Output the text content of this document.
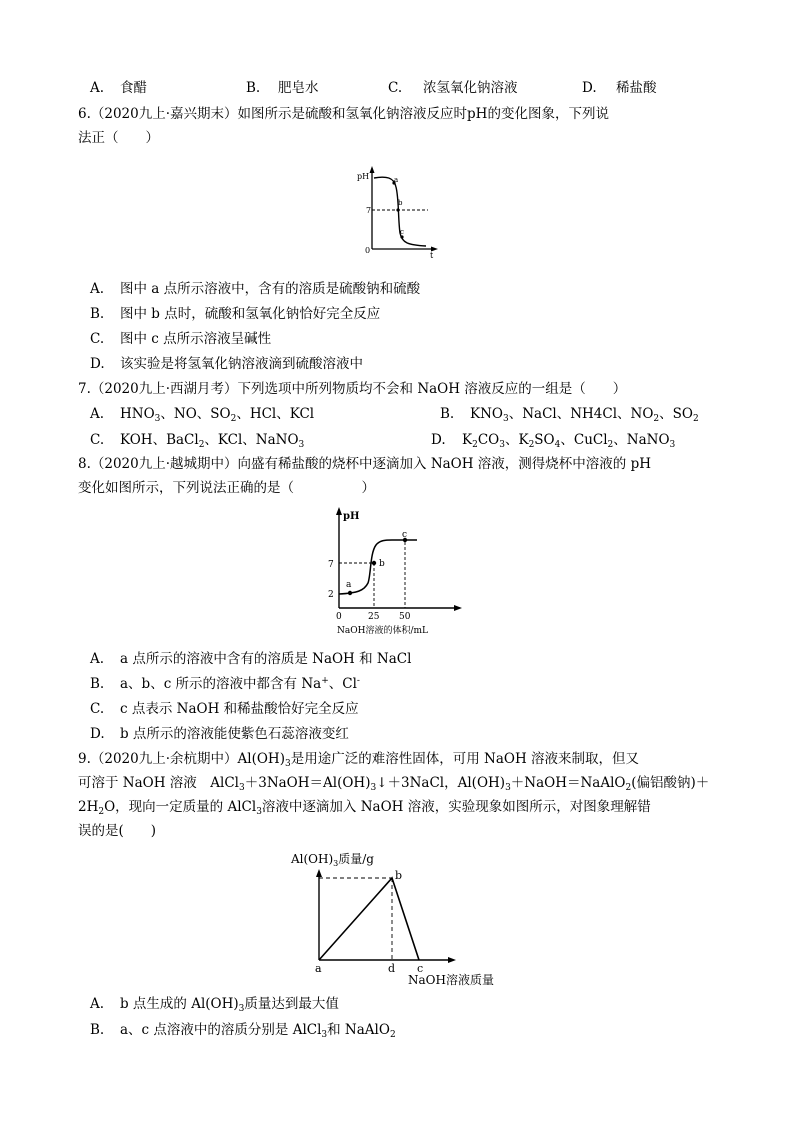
A. 食醋	B. 肥皂水	C. 浓氢氧化钠溶液	D. 稀盐酸
6.（2020九上·嘉兴期末）如图所示是硫酸和氢氧化钠溶液反应时pH的变化图象，下列说
法正（　　）
pH
7
0
t
a
b
c
A. 图中 a 点所示溶液中，含有的溶质是硫酸钠和硫酸
B. 图中 b 点时，硫酸和氢氧化钠恰好完全反应
C. 图中 c 点所示溶液呈碱性
D. 该实验是将氢氧化钠溶液滴到硫酸溶液中
7.（2020九上·西湖月考）下列选项中所列物质均不会和 NaOH 溶液反应的一组是（　　）
A. $HNO_3$、NO、$SO_2$、HCl、KCl	B. $KNO_3$、NaCl、NH4Cl、$NO_2$、$SO_2$
C. KOH、BaCl$_2$、KCl、NaNO$_3$	D. $K_2CO_3$、$K_2SO_4$、CuCl$_2$、NaNO$_3$
8.（2020九上·越城期中）向盛有稀盐酸的烧杯中逐滴加入 NaOH 溶液，测得烧杯中溶液的 pH
变化如图所示，下列说法正确的是（　　　　　）
pH
7
2
0	25 50
NaOH溶液的体积/mL
a
b
c
A. a 点所示的溶液中含有的溶质是 NaOH 和 NaCl
B. a、b、c 所示的溶液中都含有 Na+、Cl-
C. c 点表示 NaOH 和稀盐酸恰好完全反应
D. b 点所示的溶液能使紫色石蕊溶液变红
9.（2020九上·余杭期中）$Al(OH)_3$是用途广泛的难溶性固体，可用 NaOH 溶液来制取，但又
可溶于 NaOH 溶液　$AlCl_3+3NaOH=Al(OH)_3↓+3NaCl$，$Al(OH)_3+NaOH=NaAlO_2$(偏铝酸钠)＋
$2H_2O$，现向一定质量的 AlCl$_3$溶液中逐滴加入 NaOH 溶液，实验现象如图所示，对图象理解错
误的是(　　)
$Al(OH)_3$质量/g
b
a	d c
NaOH溶液质量
A. b 点生成的 $Al(OH)_3$质量达到最大值
B. a、c 点溶液中的溶质分别是 AlCl$_3$和 NaAlO$_2$
